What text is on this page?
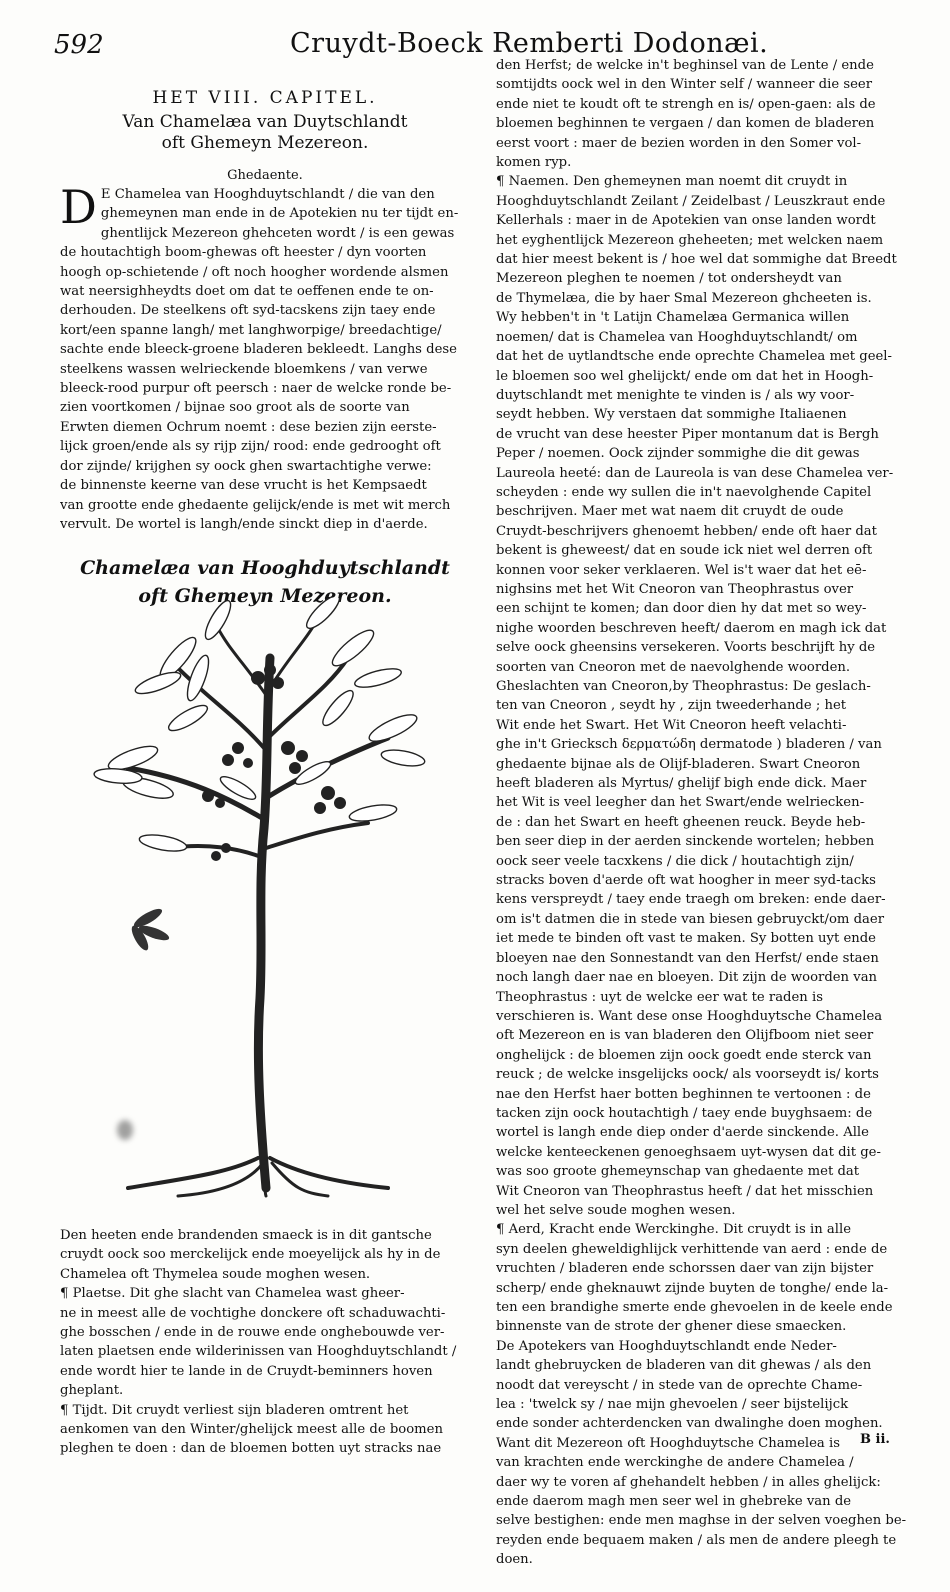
592	Cruydt-Boeck Remberti Dodonæi.
HET VIII. CAPITEL.
Van Chamelæa van Duytschlandt
oft Ghemeyn Mezereon.
Ghedaente.
D E Chamelea van Hooghduytschlandt / die van den
ghemeynen man ende in de Apotekien nu ter tijdt en-
ghentlijck Mezereon ghehceten wordt / is een gewas
de houtachtigh boom-ghewas oft heester / dyn voorten
hoogh op-schietende / oft noch hoogher wordende alsmen
wat neersighheydts doet om dat te oeffenen ende te on-
derhouden. De steelkens oft syd-tacskens zijn taey ende
kort/een spanne langh/ met langhworpige/ breedachtige/
sachte ende bleeck-groene bladeren bekleedt. Langhs dese
steelkens wassen welrieckende bloemkens / van verwe
bleeck-rood purpur oft peersch : naer de welcke ronde be-
zien voortkomen / bijnae soo groot als de soorte van
Erwten diemen Ochrum noemt : dese bezien zijn eerste-
lijck groen/ende als sy rijp zijn/ rood: ende gedrooght oft
dor zijnde/ krijghen sy oock ghen swartachtighe verwe:
de binnenste keerne van dese vrucht is het Kempsaedt
van grootte ende ghedaente gelijck/ende is met wit merch
vervult. De wortel is langh/ende sinckt diep in d'aerde.
Chamelæa van Hooghduytschlandt
oft Ghemeyn Mezereon.
Den heeten ende brandenden smaeck is in dit gantsche
cruydt oock soo merckelijck ende moeyelijck als hy in de
Chamelea oft Thymelea soude moghen wesen.
¶ Plaetse. Dit ghe slacht van Chamelea wast gheer-
ne in meest alle de vochtighe donckere oft schaduwachti-
ghe bosschen / ende in de rouwe ende onghebouwde ver-
laten plaetsen ende wilderinissen van Hooghduytschlandt /
ende wordt hier te lande in de Cruydt-beminners hoven
gheplant.
¶ Tijdt. Dit cruydt verliest sijn bladeren omtrent het
aenkomen van den Winter/ghelijck meest alle de boomen
pleghen te doen : dan de bloemen botten uyt stracks nae
den Herfst; de welcke in't beghinsel van de Lente / ende
somtijdts oock wel in den Winter self / wanneer die seer
ende niet te koudt oft te strengh en is/ open-gaen: als de
bloemen beghinnen te vergaen / dan komen de bladeren
eerst voort : maer de bezien worden in den Somer vol-
komen ryp.
¶ Naemen. Den ghemeynen man noemt dit cruydt in
Hooghduytschlandt Zeilant / Zeidelbast / Leuszkraut ende
Kellerhals : maer in de Apotekien van onse landen wordt
het eyghentlijck Mezereon gheheeten; met welcken naem
dat hier meest bekent is / hoe wel dat sommighe dat Breedt
Mezereon pleghen te noemen / tot ondersheydt van
de Thymelæa, die by haer Smal Mezereon ghcheeten is.
Wy hebben't in 't Latijn Chamelæa Germanica willen
noemen/ dat is Chamelea van Hooghduytschlandt/ om
dat het de uytlandtsche ende oprechte Chamelea met geel-
le bloemen soo wel ghelijckt/ ende om dat het in Hoogh-
duytschlandt met menighte te vinden is / als wy voor-
seydt hebben. Wy verstaen dat sommighe Italiaenen
de vrucht van dese heester Piper montanum dat is Bergh
Peper / noemen. Oock zijnder sommighe die dit gewas
Laureola heeté: dan de Laureola is van dese Chamelea ver-
scheyden : ende wy sullen die in't naevolghende Capitel
beschrijven. Maer met wat naem dit cruydt de oude
Cruydt-beschrijvers ghenoemt hebben/ ende oft haer dat
bekent is gheweest/ dat en soude ick niet wel derren oft
konnen voor seker verklaeren. Wel is't waer dat het eē-
nighsins met het Wit Cneoron van Theophrastus over
een schijnt te komen; dan door dien hy dat met so wey-
nighe woorden beschreven heeft/ daerom en magh ick dat
selve oock gheensins versekeren. Voorts beschrijft hy de
soorten van Cneoron met de naevolghende woorden.
Gheslachten van Cneoron,by Theophrastus: De geslach-
ten van Cneoron , seydt hy , zijn tweederhande ; het
Wit ende het Swart. Het Wit Cneoron heeft velachti-
ghe in't Griecksch δερματώδη dermatode ) bladeren / van
ghedaente bijnae als de Olijf-bladeren. Swart Cneoron
heeft bladeren als Myrtus/ ghelijf bigh ende dick. Maer
het Wit is veel leegher dan het Swart/ende welriecken-
de : dan het Swart en heeft gheenen reuck. Beyde heb-
ben seer diep in der aerden sinckende wortelen; hebben
oock seer veele tacxkens / die dick / houtachtigh zijn/
stracks boven d'aerde oft wat hoogher in meer syd-tacks
kens verspreydt / taey ende traegh om breken: ende daer-
om is't datmen die in stede van biesen gebruyckt/om daer
iet mede te binden oft vast te maken. Sy botten uyt ende
bloeyen nae den Sonnestandt van den Herfst/ ende staen
noch langh daer nae en bloeyen. Dit zijn de woorden van
Theophrastus : uyt de welcke eer wat te raden is
verschieren is. Want dese onse Hooghduytsche Chamelea
oft Mezereon en is van bladeren den Olijfboom niet seer
onghelijck : de bloemen zijn oock goedt ende sterck van
reuck ; de welcke insgelijcks oock/ als voorseydt is/ korts
nae den Herfst haer botten beghinnen te vertoonen : de
tacken zijn oock houtachtigh / taey ende buyghsaem: de
wortel is langh ende diep onder d'aerde sinckende. Alle
welcke kenteeckenen genoeghsaem uyt-wysen dat dit ge-
was soo groote ghemeynschap van ghedaente met dat
Wit Cneoron van Theophrastus heeft / dat het misschien
wel het selve soude moghen wesen.
¶ Aerd, Kracht ende Werckinghe. Dit cruydt is in alle
syn deelen gheweldighlijck verhittende van aerd : ende de
vruchten / bladeren ende schorssen daer van zijn bijster
scherp/ ende gheknauwt zijnde buyten de tonghe/ ende la-
ten een brandighe smerte ende ghevoelen in de keele ende
binnenste van de strote der ghener diese smaecken.
De Apotekers van Hooghduytschlandt ende Neder-
landt ghebruycken de bladeren van dit ghewas / als den
noodt dat vereyscht / in stede van de oprechte Chame-
lea : 'twelck sy / nae mijn ghevoelen / seer bijstelijck
ende sonder achterdencken van dwalinghe doen moghen.
Want dit Mezereon oft Hooghduytsche Chamelea is
van krachten ende werckinghe de andere Chamelea /
daer wy te voren af ghehandelt hebben / in alles ghelijck:
ende daerom magh men seer wel in ghebreke van de
selve bestighen: ende men maghse in der selven voeghen be-
reyden ende bequaem maken / als men de andere pleegh te
doen.
B ii.
